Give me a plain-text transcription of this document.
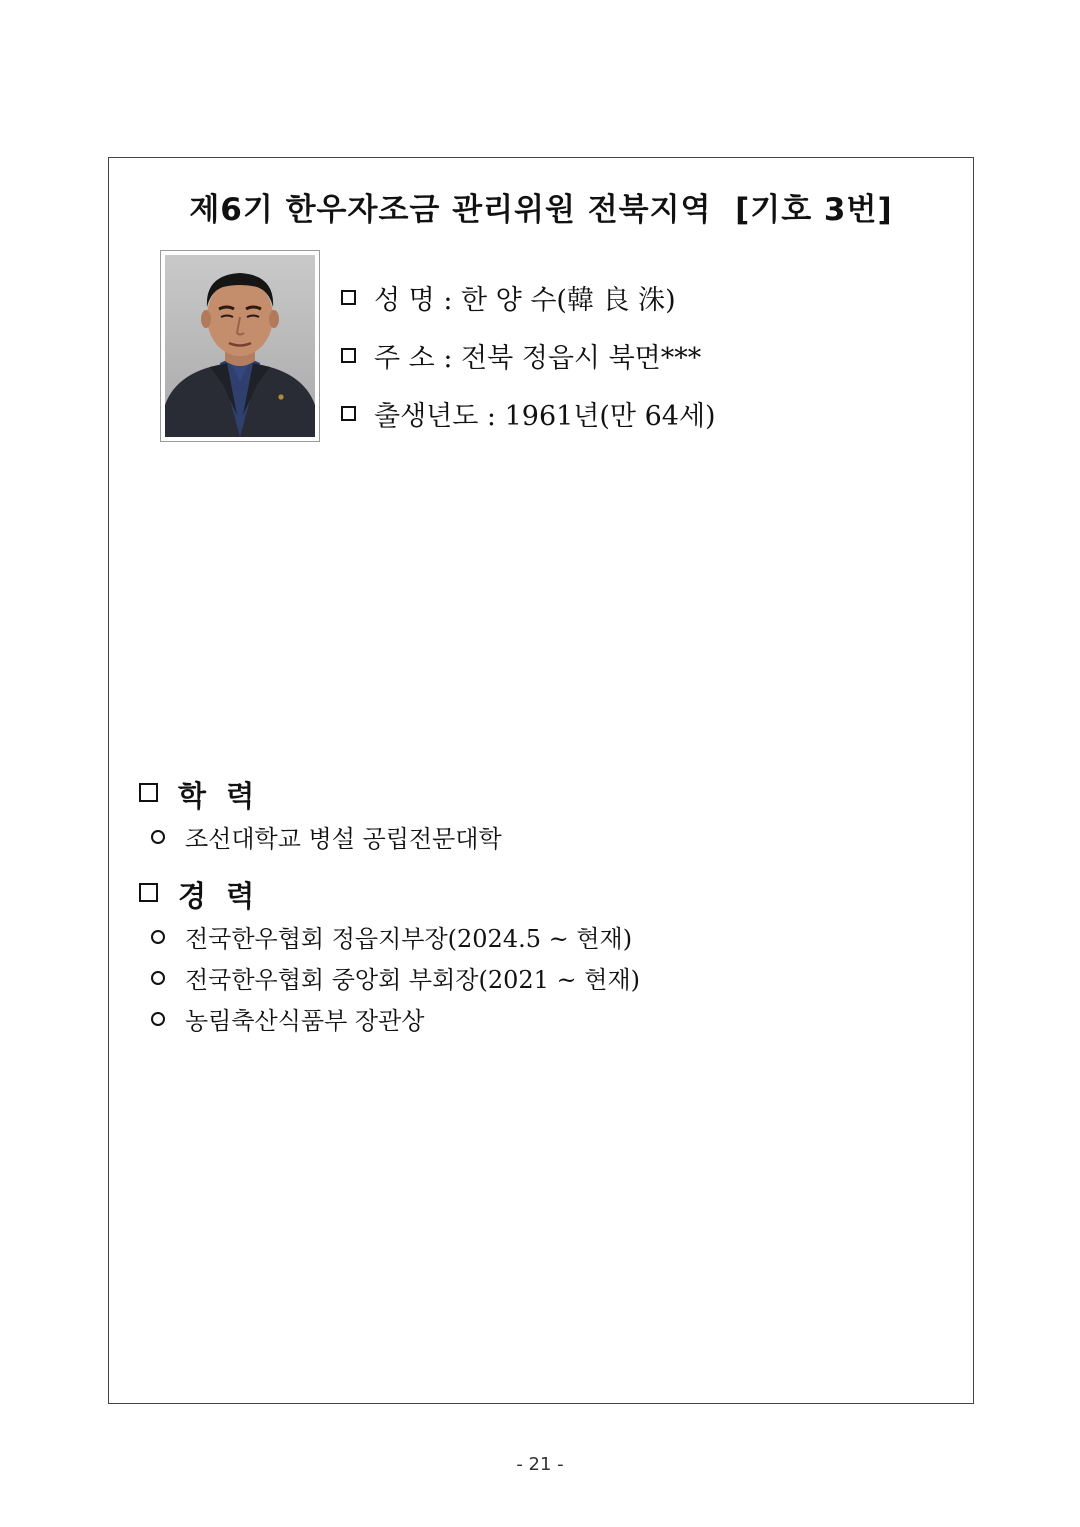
제6기 한우자조금 관리위원 전북지역  [기호 3번]
성 명 : 한 양 수(韓 良 洙)
주 소 : 전북 정읍시 북면***
출생년도 : 1961년(만 64세)
학  력
조선대학교 병설 공립전문대학
경  력
전국한우협회 정읍지부장(2024.5 ~ 현재)
전국한우협회 중앙회 부회장(2021 ~ 현재)
농림축산식품부 장관상
- 21 -
